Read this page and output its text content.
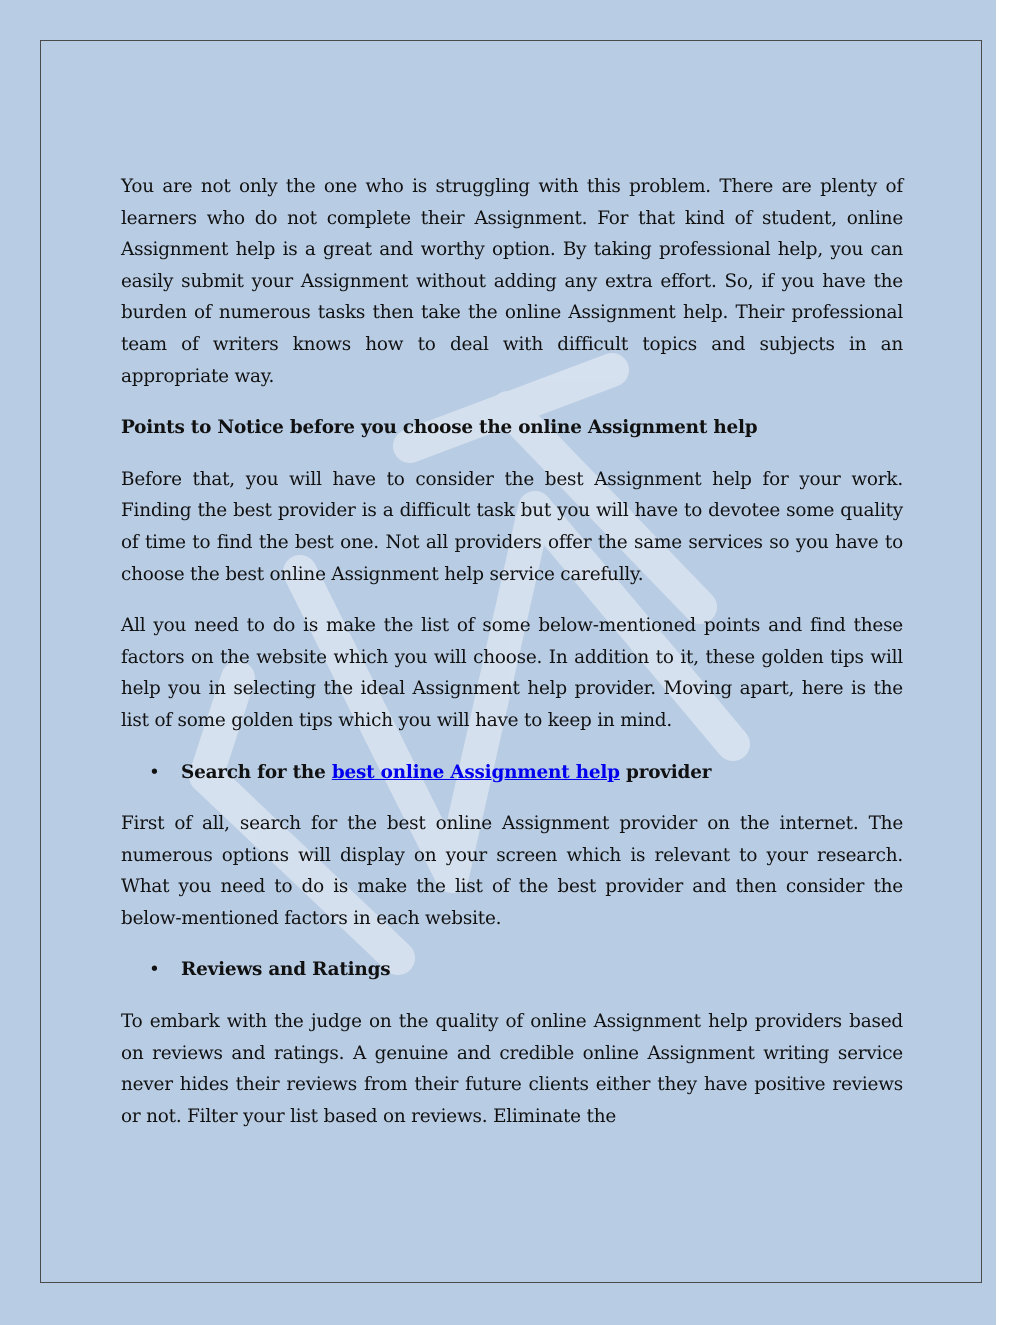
You are not only the one who is struggling with this problem. There are plenty of learners who do not complete their Assignment. For that kind of student, online Assignment help is a great and worthy option. By taking professional help, you can easily submit your Assignment without adding any extra effort. So, if you have the burden of numerous tasks then take the online Assignment help. Their professional team of writers knows how to deal with difficult topics and subjects in an appropriate way.

Points to Notice before you choose the online Assignment help

Before that, you will have to consider the best Assignment help for your work. Finding the best provider is a difficult task but you will have to devotee some quality of time to find the best one. Not all providers offer the same services so you have to choose the best online Assignment help service carefully.

All you need to do is make the list of some below-mentioned points and find these factors on the website which you will choose. In addition to it, these golden tips will help you in selecting the ideal Assignment help provider. Moving apart, here is the list of some golden tips which you will have to keep in mind.

• Search for the best online Assignment help provider

First of all, search for the best online Assignment provider on the internet. The numerous options will display on your screen which is relevant to your research. What you need to do is make the list of the best provider and then consider the below-mentioned factors in each website.

• Reviews and Ratings

To embark with the judge on the quality of online Assignment help providers based on reviews and ratings. A genuine and credible online Assignment writing service never hides their reviews from their future clients either they have positive reviews or not. Filter your list based on reviews. Eliminate the
